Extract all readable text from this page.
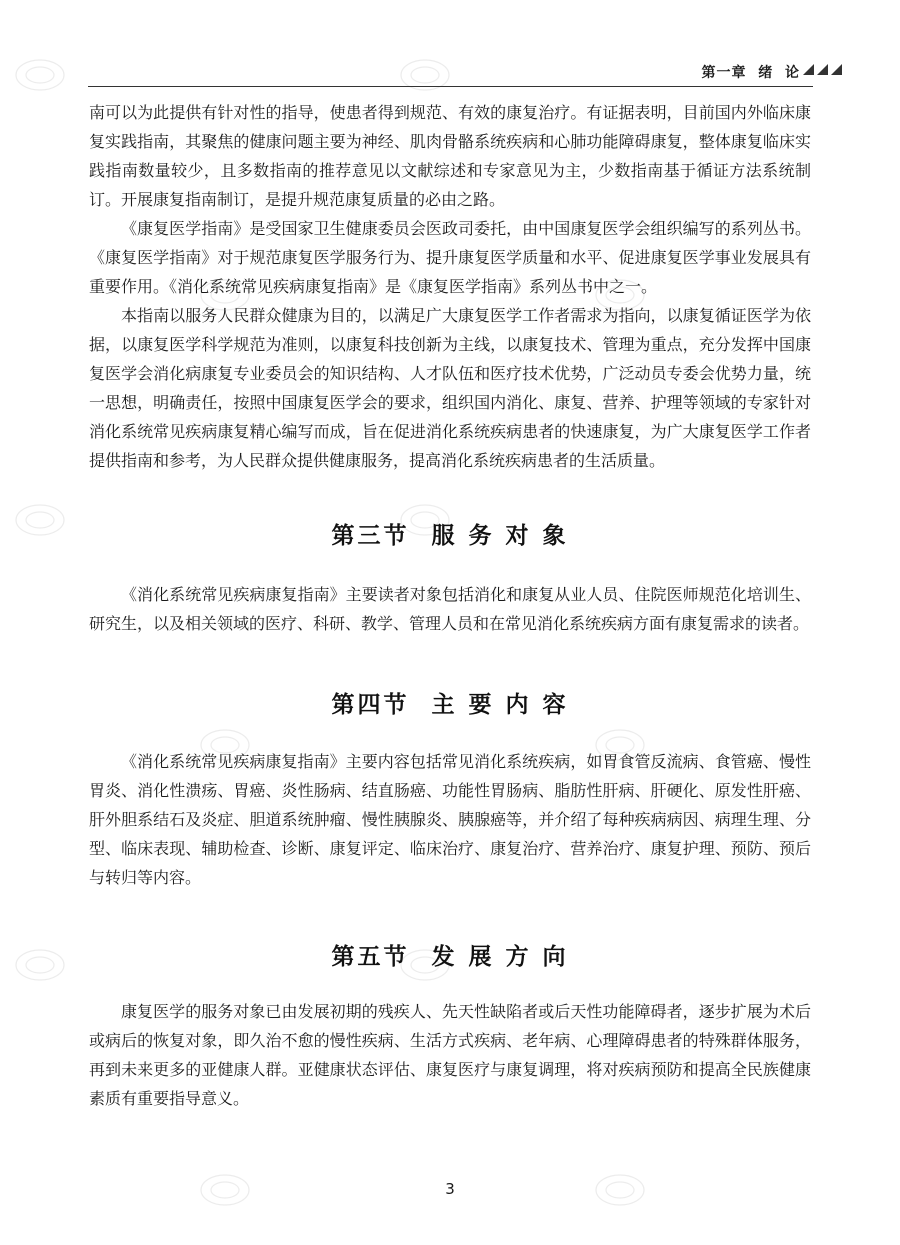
第一章  绪  论

南可以为此提供有针对性的指导，使患者得到规范、有效的康复治疗。有证据表明，目前国内外临床康复实践指南，其聚焦的健康问题主要为神经、肌肉骨骼系统疾病和心肺功能障碍康复，整体康复临床实践指南数量较少，且多数指南的推荐意见以文献综述和专家意见为主，少数指南基于循证方法系统制订。开展康复指南制订，是提升规范康复质量的必由之路。

《康复医学指南》是受国家卫生健康委员会医政司委托，由中国康复医学会组织编写的系列丛书。《康复医学指南》对于规范康复医学服务行为、提升康复医学质量和水平、促进康复医学事业发展具有重要作用。《消化系统常见疾病康复指南》是《康复医学指南》系列丛书中之一。

本指南以服务人民群众健康为目的，以满足广大康复医学工作者需求为指向，以康复循证医学为依据，以康复医学科学规范为准则，以康复科技创新为主线，以康复技术、管理为重点，充分发挥中国康复医学会消化病康复专业委员会的知识结构、人才队伍和医疗技术优势，广泛动员专委会优势力量，统一思想，明确责任，按照中国康复医学会的要求，组织国内消化、康复、营养、护理等领域的专家针对消化系统常见疾病康复精心编写而成，旨在促进消化系统疾病患者的快速康复，为广大康复医学工作者提供指南和参考，为人民群众提供健康服务，提高消化系统疾病患者的生活质量。

第三节  服 务 对 象

《消化系统常见疾病康复指南》主要读者对象包括消化和康复从业人员、住院医师规范化培训生、研究生，以及相关领域的医疗、科研、教学、管理人员和在常见消化系统疾病方面有康复需求的读者。

第四节  主 要 内 容

《消化系统常见疾病康复指南》主要内容包括常见消化系统疾病，如胃食管反流病、食管癌、慢性胃炎、消化性溃疡、胃癌、炎性肠病、结直肠癌、功能性胃肠病、脂肪性肝病、肝硬化、原发性肝癌、肝外胆系结石及炎症、胆道系统肿瘤、慢性胰腺炎、胰腺癌等，并介绍了每种疾病病因、病理生理、分型、临床表现、辅助检查、诊断、康复评定、临床治疗、康复治疗、营养治疗、康复护理、预防、预后与转归等内容。

第五节  发 展 方 向

康复医学的服务对象已由发展初期的残疾人、先天性缺陷者或后天性功能障碍者，逐步扩展为术后或病后的恢复对象，即久治不愈的慢性疾病、生活方式疾病、老年病、心理障碍患者的特殊群体服务，再到未来更多的亚健康人群。亚健康状态评估、康复医疗与康复调理，将对疾病预防和提高全民族健康素质有重要指导意义。

3
